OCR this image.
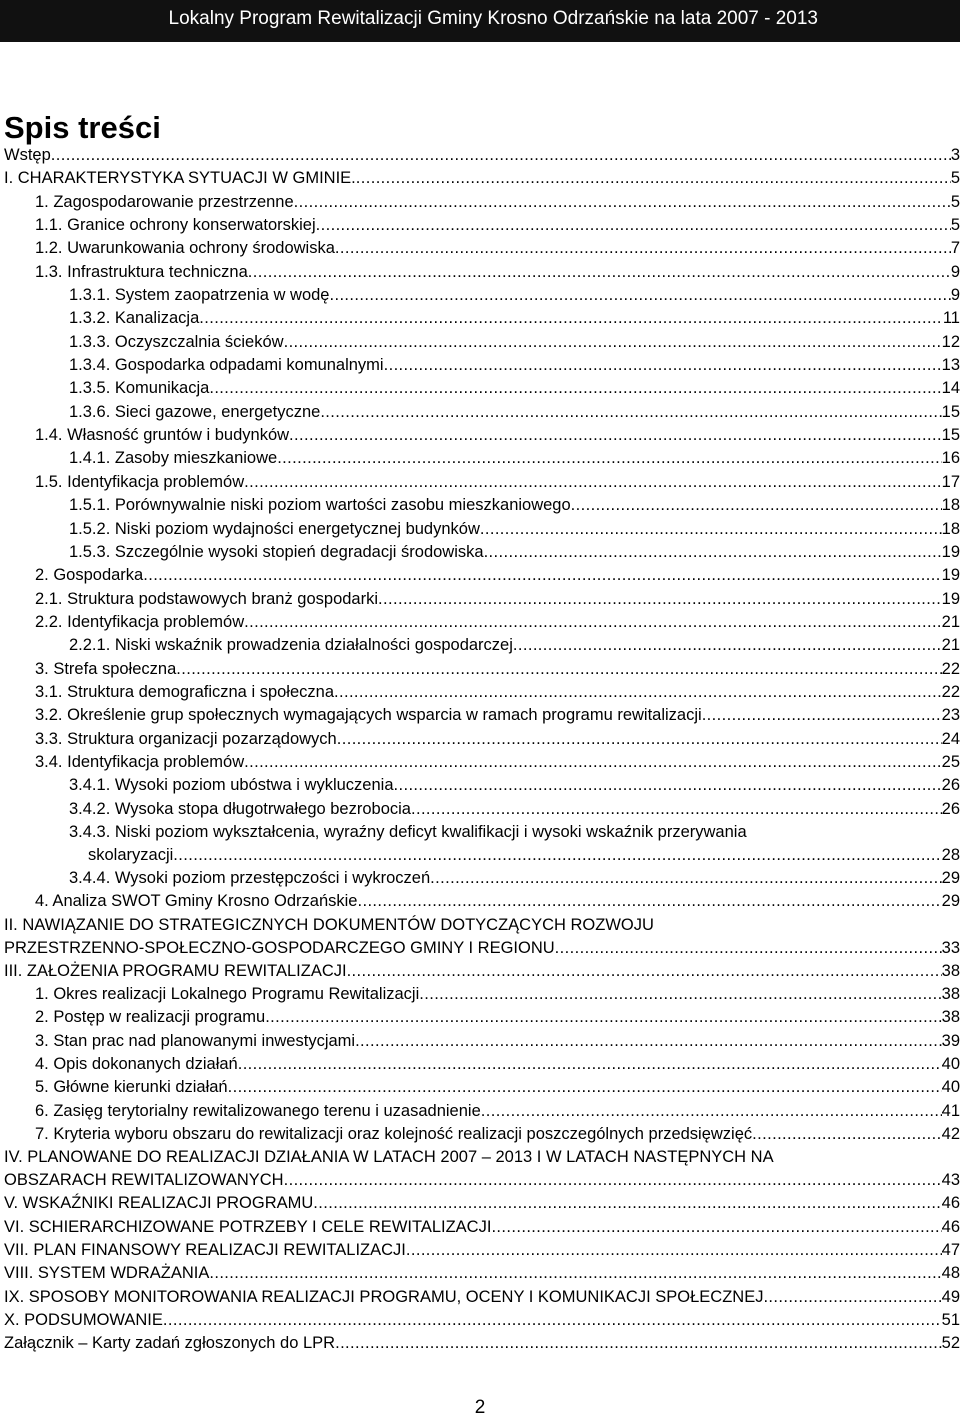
Lokalny Program Rewitalizacji Gminy Krosno Odrzańskie na lata 2007 - 2013
Spis treści
Wstęp .....	3
I. CHARAKTERYSTYKA SYTUACJI W GMINIE. .....	5
1. Zagospodarowanie przestrzenne .....	5
1.1. Granice ochrony konserwatorskiej .....	5
1.2. Uwarunkowania ochrony środowiska .....	7
1.3. Infrastruktura techniczna .....	9
1.3.1. System zaopatrzenia w wodę .....	9
1.3.2. Kanalizacja .....	11
1.3.3. Oczyszczalnia ścieków .....	12
1.3.4. Gospodarka odpadami komunalnymi .....	13
1.3.5. Komunikacja .....	14
1.3.6. Sieci gazowe, energetyczne .....	15
1.4. Własność gruntów i budynków .....	15
1.4.1. Zasoby mieszkaniowe .....	16
1.5. Identyfikacja problemów .....	17
1.5.1. Porównywalnie niski poziom wartości zasobu mieszkaniowego .....	18
1.5.2. Niski poziom wydajności energetycznej budynków .....	18
1.5.3. Szczególnie wysoki stopień degradacji środowiska .....	19
2. Gospodarka .....	19
2.1. Struktura podstawowych branż gospodarki .....	19
2.2. Identyfikacja problemów .....	21
2.2.1. Niski wskaźnik prowadzenia działalności gospodarczej .....	21
3. Strefa społeczna .....	22
3.1. Struktura demograficzna i społeczna .....	22
3.2. Określenie grup społecznych wymagających wsparcia w ramach programu rewitalizacji .....	23
3.3. Struktura organizacji pozarządowych .....	24
3.4. Identyfikacja problemów .....	25
3.4.1. Wysoki poziom ubóstwa i wykluczenia .....	26
3.4.2. Wysoka stopa długotrwałego bezrobocia .....	26
3.4.3. Niski poziom wykształcenia, wyraźny deficyt kwalifikacji i wysoki wskaźnik przerywania
skolaryzacji .....	28
3.4.4. Wysoki poziom przestępczości i wykroczeń .....	29
4. Analiza SWOT Gminy Krosno Odrzańskie .....	29
II. NAWIĄZANIE DO STRATEGICZNYCH DOKUMENTÓW DOTYCZĄCYCH ROZWOJU
PRZESTRZENNO-SPOŁECZNO-GOSPODARCZEGO GMINY I REGIONU .....	33
III. ZAŁOŻENIA PROGRAMU REWITALIZACJI .....	38
1. Okres realizacji Lokalnego Programu Rewitalizacji .....	38
2. Postęp w realizacji programu .....	38
3. Stan prac nad planowanymi inwestycjami .....	39
4. Opis dokonanych działań .....	40
5. Główne kierunki działań .....	40
6. Zasięg terytorialny rewitalizowanego terenu i uzasadnienie .....	41
7. Kryteria wyboru obszaru do rewitalizacji oraz kolejność realizacji poszczególnych przedsięwzięć .....	42
IV. PLANOWANE DO REALIZACJI DZIAŁANIA W LATACH 2007 – 2013 I W LATACH NASTĘPNYCH NA
OBSZARACH REWITALIZOWANYCH .....	43
V. WSKAŹNIKI REALIZACJI PROGRAMU .....	46
VI. SCHIERARCHIZOWANE POTRZEBY I CELE REWITALIZACJI .....	46
VII. PLAN FINANSOWY REALIZACJI REWITALIZACJI .....	47
VIII. SYSTEM WDRAŻANIA .....	48
IX. SPOSOBY MONITOROWANIA REALIZACJI PROGRAMU, OCENY I KOMUNIKACJI SPOŁECZNEJ .....	49
X. PODSUMOWANIE .....	51
Załącznik – Karty zadań zgłoszonych do LPR .....	52
2
